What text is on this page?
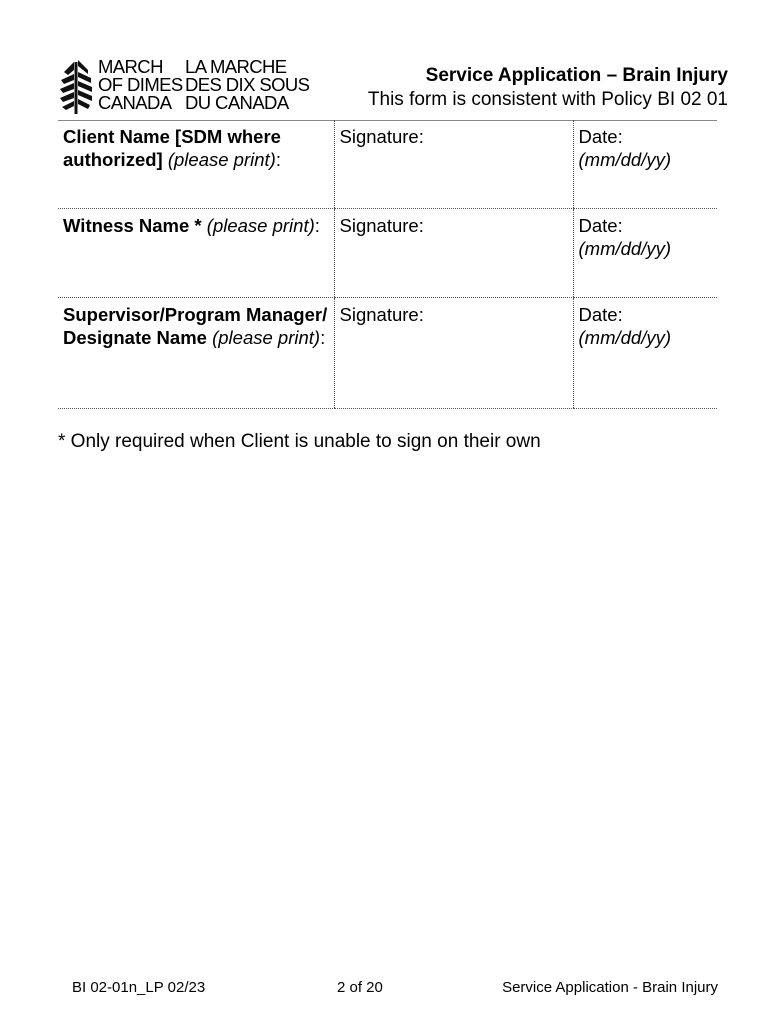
MARCH
OF DIMES
CANADA
LA MARCHE
DES DIX SOUS
DU CANADA
Service Application – Brain Injury
This form is consistent with Policy BI 02 01
Client Name [SDM where authorized] (please print):	Signature:	Date:
(mm/dd/yy)

Witness Name * (please print):	Signature:	Date:
(mm/dd/yy)

Supervisor/Program Manager/ Designate Name (please print):	Signature:	Date:
(mm/dd/yy)
* Only required when Client is unable to sign on their own
BI 02-01n_LP 02/23	2 of 20	Service Application - Brain Injury
